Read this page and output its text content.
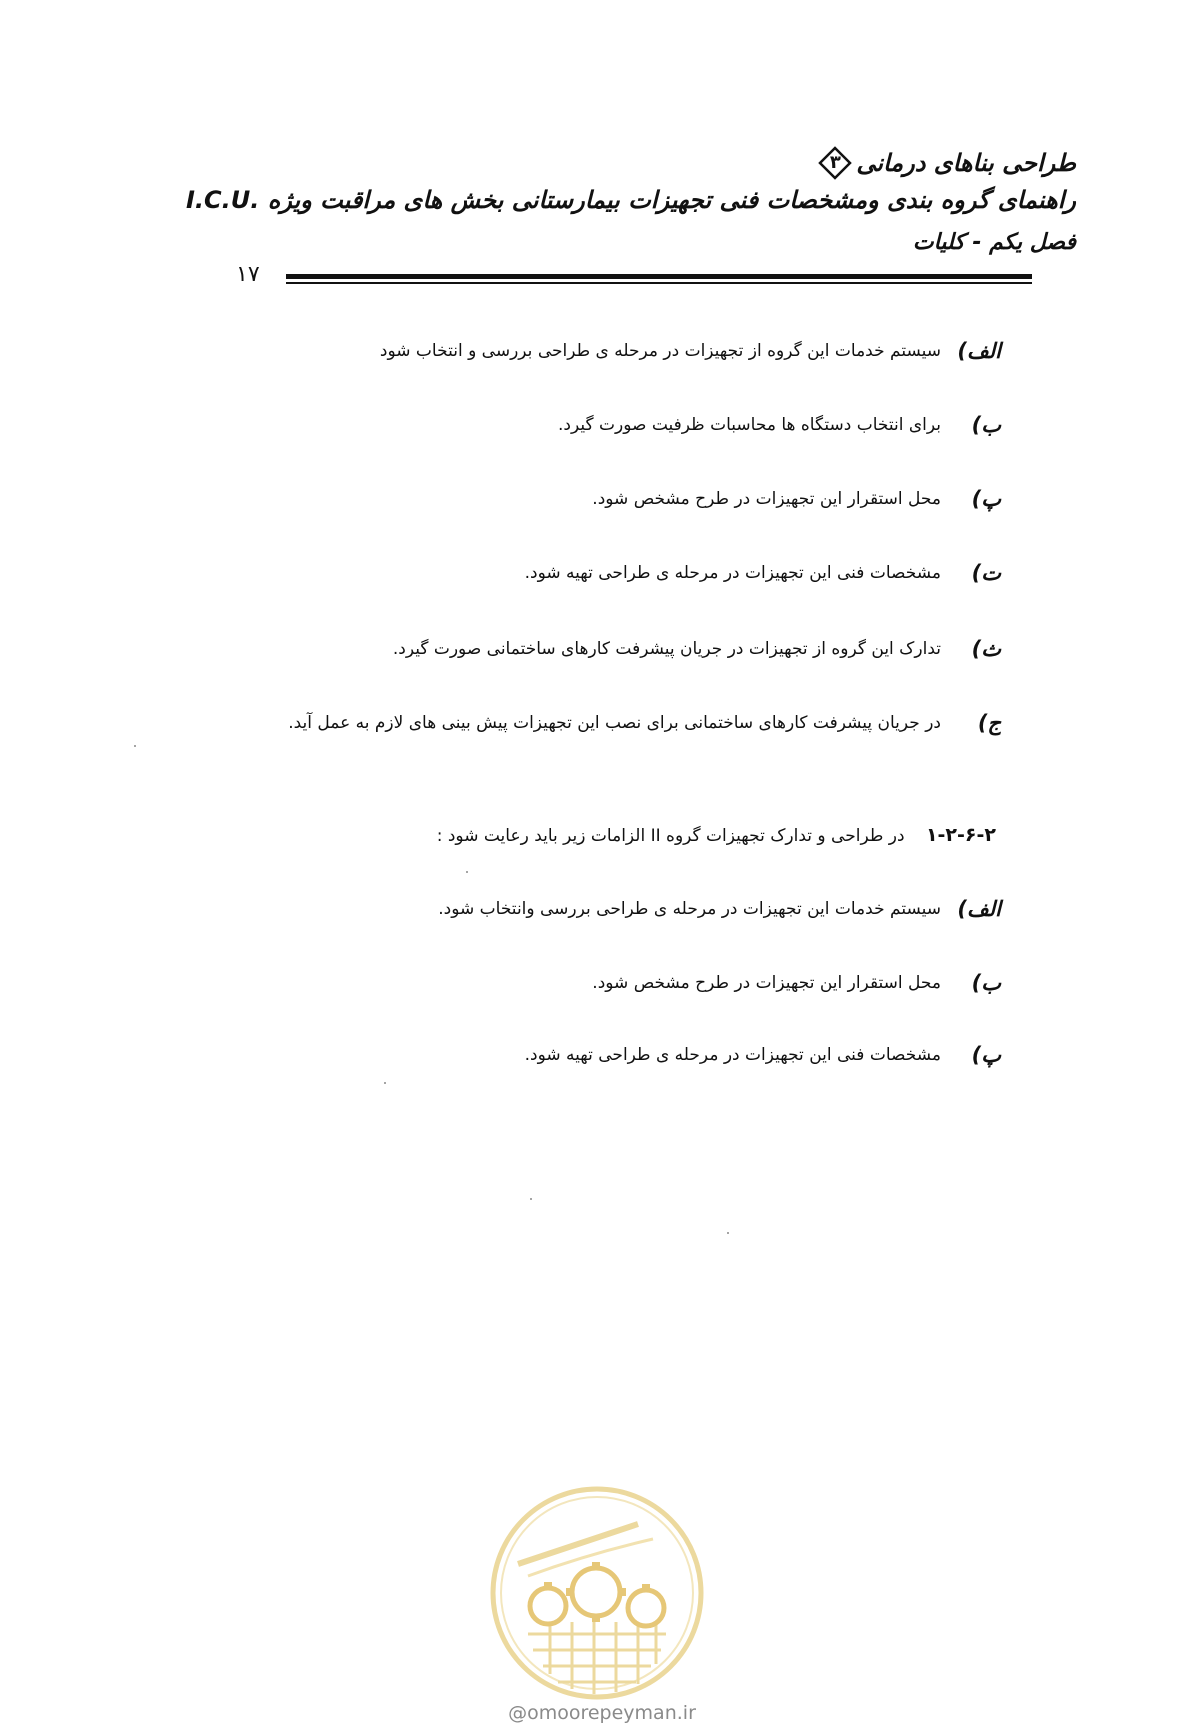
طراحی بناهای درمانی
۳
راهنمای گروه بندی ومشخصات فنی تجهیزات بیمارستانی بخش های مراقبت ویژه .I.C.U
فصل یکم - کلیات
۱۷
الف)
سیستم خدمات این گروه از تجهیزات در مرحله ی طراحی بررسی و انتخاب شود
ب)
برای انتخاب دستگاه ها محاسبات ظرفیت صورت گیرد.
پ)
محل استقرار این تجهیزات در طرح مشخص شود.
ت)
مشخصات فنی این تجهیزات در مرحله ی طراحی تهیه شود.
ث)
تدارک این گروه از تجهیزات در جریان پیشرفت کارهای ساختمانی صورت گیرد.
ج)
در جریان پیشرفت کارهای ساختمانی برای نصب این تجهیزات پیش بینی های لازم به عمل آید.
۱-۲-۶-۲ در طراحی و تدارک تجهیزات گروه II الزامات زیر باید رعایت شود :
الف)
سیستم خدمات این تجهیزات در مرحله ی طراحی بررسی وانتخاب شود.
ب)
محل استقرار این تجهیزات در طرح مشخص شود.
پ)
مشخصات فنی این تجهیزات در مرحله ی طراحی تهیه شود.
@omoorepeyman.ir
